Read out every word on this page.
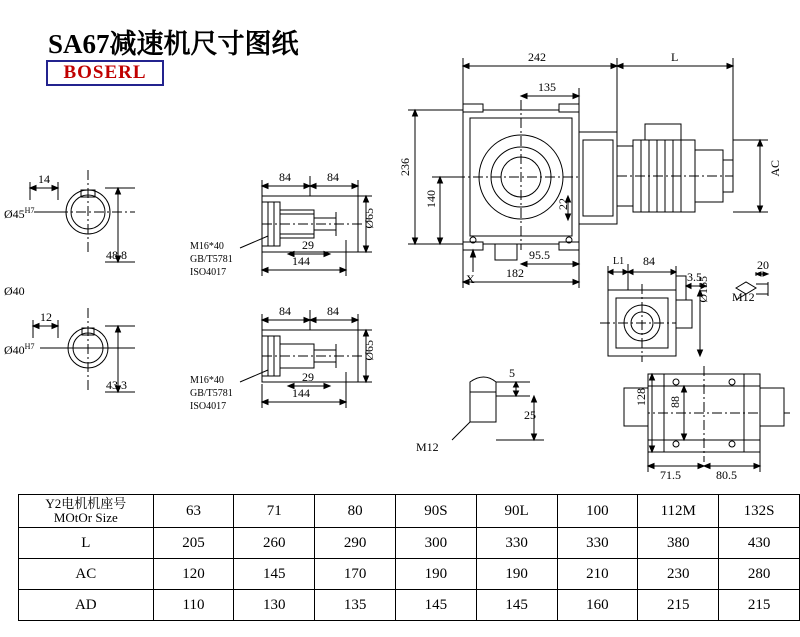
SA67减速机尺寸图纸
BOSERL
14
$Ø45^{H7}$
48.8
Ø40
12
$Ø40^{H7}$
43.3
84	84
29
144
Ø65
M16*40
GB/T5781
ISO4017
84	84
29
144
Ø65
M16*40
GB/T5781
ISO4017
242
135
L
236
140	22
AC
95.5
182
X
L1 84
3.5
Ø155 M12
20
5
25
M12
128 88
71.5	80.5
Y2电机机座号
MOtOr Size	63	71	80	90S	90L	100	112M	132S
L	205	260	290	300	330	330	380	430
AC	120	145	170	190	190	210	230	280
AD	110	130	135	145	145	160	215	215
